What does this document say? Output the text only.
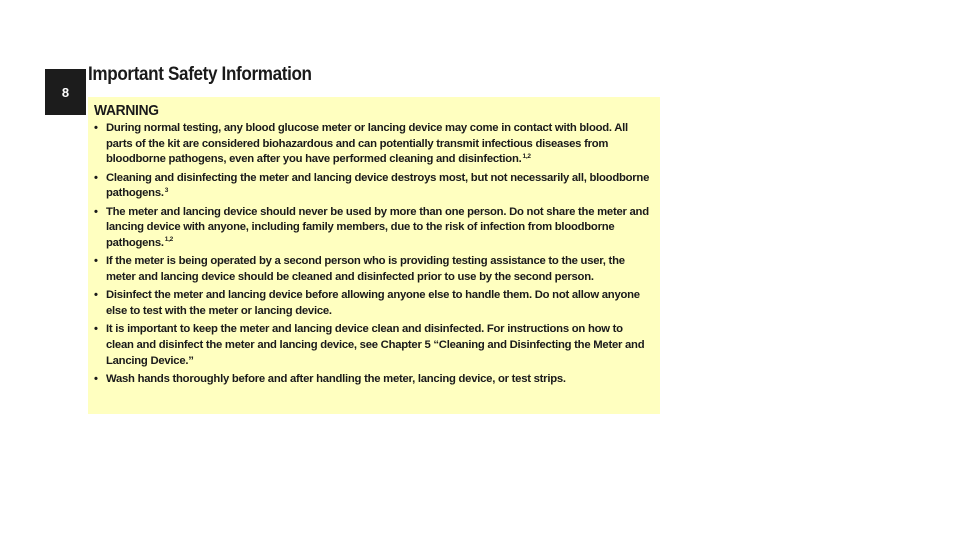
8
Important Safety Information
WARNING
• During normal testing, any blood glucose meter or lancing device may come in contact with blood. All parts of the kit are considered biohazardous and can potentially transmit infectious diseases from bloodborne pathogens, even after you have performed cleaning and disinfection.$^{1,2}$
• Cleaning and disinfecting the meter and lancing device destroys most, but not necessarily all, bloodborne pathogens.$^3$
• The meter and lancing device should never be used by more than one person. Do not share the meter and lancing device with anyone, including family members, due to the risk of infection from bloodborne pathogens.$^{1,2}$
• If the meter is being operated by a second person who is providing testing assistance to the user, the meter and lancing device should be cleaned and disinfected prior to use by the second person.
• Disinfect the meter and lancing device before allowing anyone else to handle them. Do not allow anyone else to test with the meter or lancing device.
• It is important to keep the meter and lancing device clean and disinfected. For instructions on how to clean and disinfect the meter and lancing device, see Chapter 5 “Cleaning and Disinfecting the Meter and Lancing Device.”
• Wash hands thoroughly before and after handling the meter, lancing device, or test strips.
